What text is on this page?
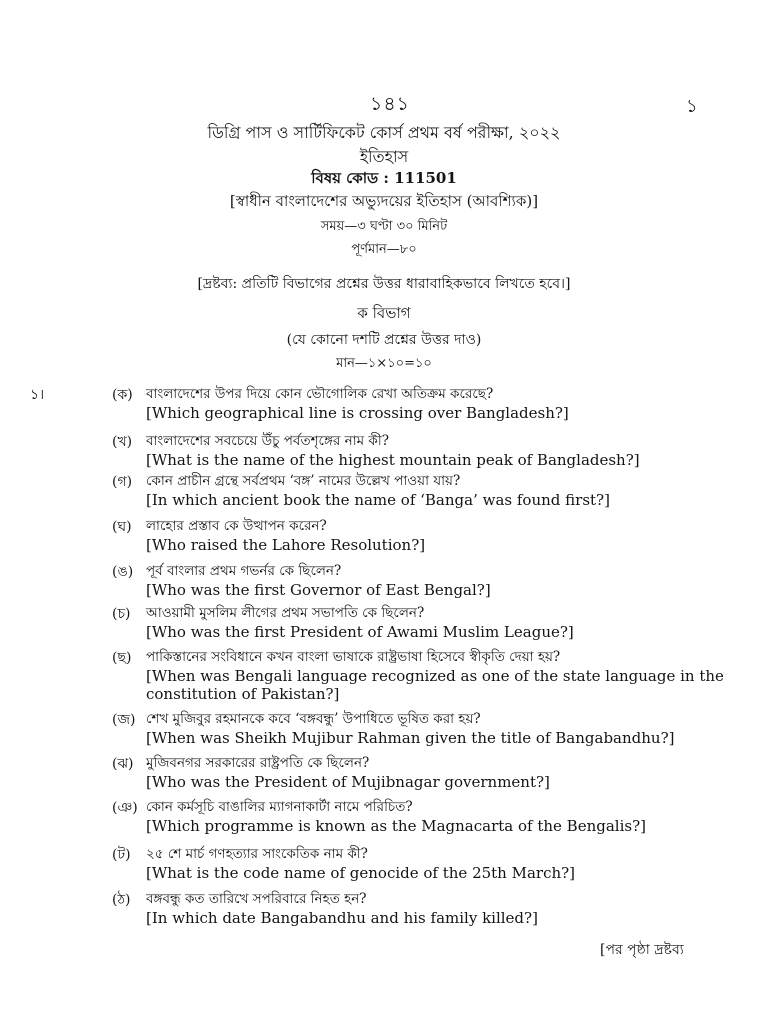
১৪১	১
ডিগ্রি পাস ও সার্টিফিকেট কোর্স প্রথম বর্ষ পরীক্ষা, ২০২২
ইতিহাস
বিষয় কোড : 111501
[স্বাধীন বাংলাদেশের অভ্যুদয়ের ইতিহাস (আবশ্যিক)]
সময়—৩ ঘণ্টা ৩০ মিনিট
পূর্ণমান—৮০
[দ্রষ্টব্য: প্রতিটি বিভাগের প্রশ্নের উত্তর ধারাবাহিকভাবে লিখতে হবে।]
ক বিভাগ
(যে কোনো দশটি প্রশ্নের উত্তর দাও)
মান—১×১০=১০
১।	(ক) বাংলাদেশের উপর দিয়ে কোন ভৌগোলিক রেখা অতিক্রম করেছে?
[Which geographical line is crossing over Bangladesh?]
(খ)	বাংলাদেশের সবচেয়ে উঁচু পর্বতশৃঙ্গের নাম কী?
[What is the name of the highest mountain peak of Bangladesh?]
(গ)	কোন প্রাচীন গ্রন্থে সর্বপ্রথম ‘বঙ্গ’ নামের উল্লেখ পাওয়া যায়?
[In which ancient book the name of ‘Banga’ was found first?]
(ঘ)	লাহোর প্রস্তাব কে উত্থাপন করেন?
[Who raised the Lahore Resolution?]
(ঙ) পূর্ব বাংলার প্রথম গভর্নর কে ছিলেন?
[Who was the first Governor of East Bengal?]
(চ)	আওয়ামী মুসলিম লীগের প্রথম সভাপতি কে ছিলেন?
[Who was the first President of Awami Muslim League?]
(ছ)	পাকিস্তানের সংবিধানে কখন বাংলা ভাষাকে রাষ্ট্রভাষা হিসেবে স্বীকৃতি দেয়া হয়?
[When was Bengali language recognized as one of the state language in the constitution of Pakistan?]
(জ) শেখ মুজিবুর রহমানকে কবে ‘বঙ্গবন্ধু’ উপাধিতে ভূষিত করা হয়?
[When was Sheikh Mujibur Rahman given the title of Bangabandhu?]
(ঝ) মুজিবনগর সরকারের রাষ্ট্রপতি কে ছিলেন?
[Who was the President of Mujibnagar government?]
(ঞ) কোন কর্মসূচি বাঙালির ম্যাগনাকার্টা নামে পরিচিত?
[Which programme is known as the Magnacarta of the Bengalis?]
(ট)	২৫ শে মার্চ গণহত্যার সাংকেতিক নাম কী?
[What is the code name of genocide of the 25th March?]
(ঠ)	বঙ্গবন্ধু কত তারিখে সপরিবারে নিহত হন?
[In which date Bangabandhu and his family killed?]
[পর পৃষ্ঠা দ্রষ্টব্য
